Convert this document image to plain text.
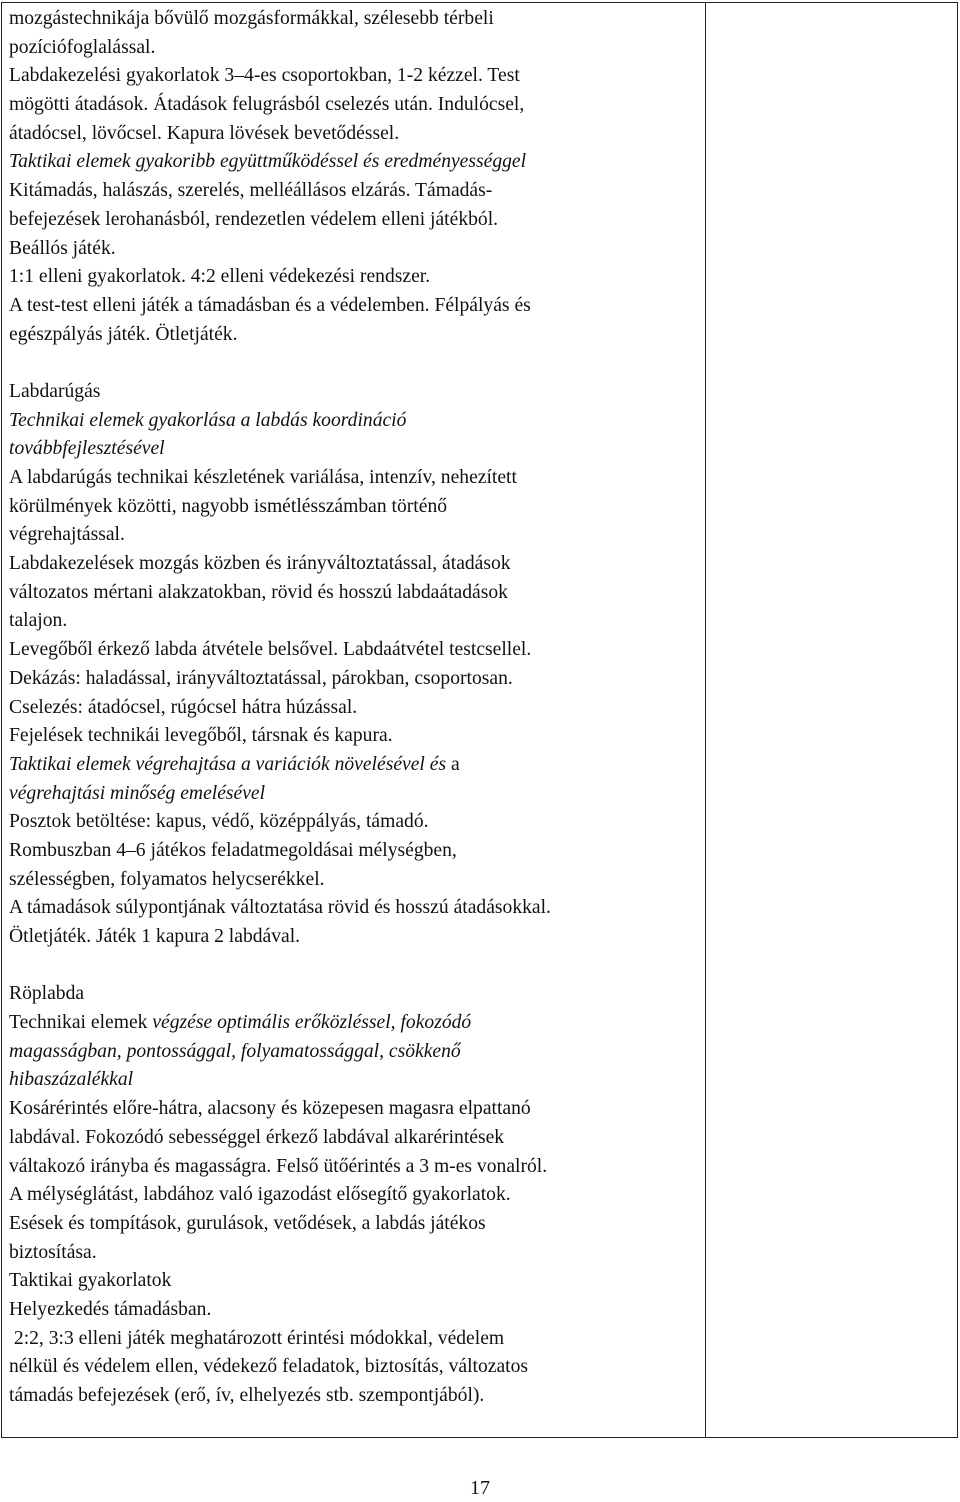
mozgástechnikája bővülő mozgásformákkal, szélesebb térbeli
pozíciófoglalással.
Labdakezelési gyakorlatok 3–4-es csoportokban, 1-2 kézzel. Test
mögötti átadások. Átadások felugrásból cselezés után. Indulócsel,
átadócsel, lövőcsel. Kapura lövések bevetődéssel.
Taktikai elemek gyakoribb együttműködéssel és eredményességgel
Kitámadás, halászás, szerelés, melléállásos elzárás. Támadás-
befejezések lerohanásból, rendezetlen védelem elleni játékból.
Beállós játék.
1:1 elleni gyakorlatok. 4:2 elleni védekezési rendszer.
A test-test elleni játék a támadásban és a védelemben. Félpályás és
egészpályás játék. Ötletjáték.
Labdarúgás
Technikai elemek gyakorlása a labdás koordináció
továbbfejlesztésével
A labdarúgás technikai készletének variálása, intenzív, nehezített
körülmények közötti, nagyobb ismétlésszámban történő
végrehajtással.
Labdakezelések mozgás közben és irányváltoztatással, átadások
változatos mértani alakzatokban, rövid és hosszú labdaátadások
talajon.
Levegőből érkező labda átvétele belsővel. Labdaátvétel testcsellel.
Dekázás: haladással, irányváltoztatással, párokban, csoportosan.
Cselezés: átadócsel, rúgócsel hátra húzással.
Fejelések technikái levegőből, társnak és kapura.
Taktikai elemek végrehajtása a variációk növelésével és a
végrehajtási minőség emelésével
Posztok betöltése: kapus, védő, középpályás, támadó.
Rombuszban 4–6 játékos feladatmegoldásai mélységben,
szélességben, folyamatos helycserékkel.
A támadások súlypontjának változtatása rövid és hosszú átadásokkal.
Ötletjáték. Játék 1 kapura 2 labdával.
Röplabda
Technikai elemek végzése optimális erőközléssel, fokozódó
magasságban, pontossággal, folyamatossággal, csökkenő
hibaszázalékkal
Kosárérintés előre-hátra, alacsony és közepesen magasra elpattanó
labdával. Fokozódó sebességgel érkező labdával alkarérintések
váltakozó irányba és magasságra. Felső ütőérintés a 3 m-es vonalról.
A mélységlátást, labdához való igazodást elősegítő gyakorlatok.
Esések és tompítások, gurulások, vetődések, a labdás játékos
biztosítása.
Taktikai gyakorlatok
Helyezkedés támadásban.
2:2, 3:3 elleni játék meghatározott érintési módokkal, védelem
nélkül és védelem ellen, védekező feladatok, biztosítás, változatos
támadás befejezések (erő, ív, elhelyezés stb. szempontjából).
17
